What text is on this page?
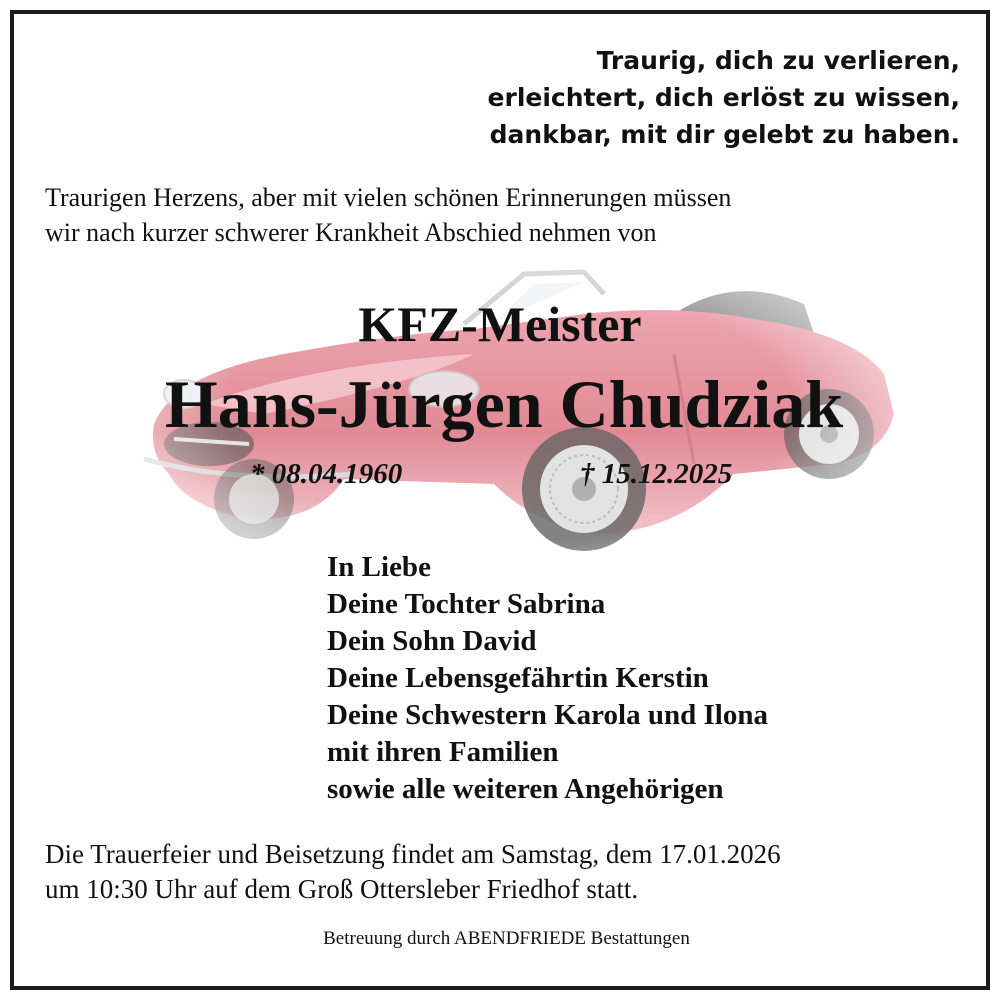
Traurig, dich zu verlieren,
erleichtert, dich erlöst zu wissen,
dankbar, mit dir gelebt zu haben.
Traurigen Herzens, aber mit vielen schönen Erinnerungen müssen
wir nach kurzer schwerer Krankheit Abschied nehmen von
KFZ-Meister
Hans-Jürgen Chudziak
* 08.04.1960	† 15.12.2025
In Liebe
Deine Tochter Sabrina
Dein Sohn David
Deine Lebensgefährtin Kerstin
Deine Schwestern Karola und Ilona
mit ihren Familien
sowie alle weiteren Angehörigen
Die Trauerfeier und Beisetzung findet am Samstag, dem 17.01.2026
um 10:30 Uhr auf dem Groß Ottersleber Friedhof statt.
Betreuung durch ABENDFRIEDE Bestattungen
